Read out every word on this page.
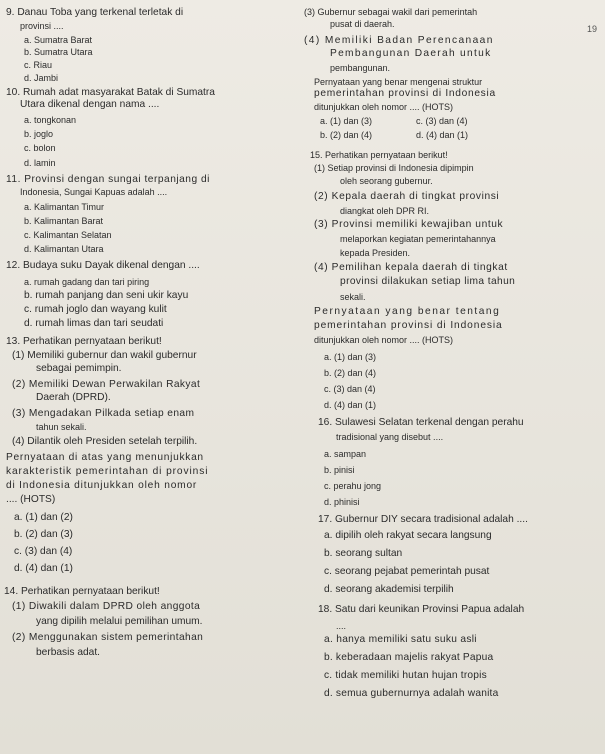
9. Danau Toba yang terkenal terletak di
provinsi ....
a. Sumatra Barat
b. Sumatra Utara
c. Riau
d. Jambi
10. Rumah adat masyarakat Batak di Sumatra
Utara dikenal dengan nama ....
a. tongkonan
b. joglo
c. bolon
d. lamin
11. Provinsi dengan sungai terpanjang di
Indonesia, Sungai Kapuas adalah ....
a. Kalimantan Timur
b. Kalimantan Barat
c. Kalimantan Selatan
d. Kalimantan Utara
12. Budaya suku Dayak dikenal dengan ....
a. rumah gadang dan tari piring
b. rumah panjang dan seni ukir kayu
c. rumah joglo dan wayang kulit
d. rumah limas dan tari seudati
13. Perhatikan pernyataan berikut!
(1) Memiliki gubernur dan wakil gubernur
sebagai pemimpin.
(2) Memiliki Dewan Perwakilan Rakyat
Daerah (DPRD).
(3) Mengadakan Pilkada setiap enam
tahun sekali.
(4) Dilantik oleh Presiden setelah terpilih.
Pernyataan di atas yang menunjukkan
karakteristik pemerintahan di provinsi
di Indonesia ditunjukkan oleh nomor
.... (HOTS)
a. (1) dan (2)
b. (2) dan (3)
c. (3) dan (4)
d. (4) dan (1)
14. Perhatikan pernyataan berikut!
(1) Diwakili dalam DPRD oleh anggota
yang dipilih melalui pemilihan umum.
(2) Menggunakan sistem pemerintahan
berbasis adat.
(3) Gubernur sebagai wakil dari pemerintah
pusat di daerah.
(4) Memiliki Badan Perencanaan
Pembangunan Daerah untuk
pembangunan.
Pernyataan yang benar mengenai struktur
pemerintahan provinsi di Indonesia
ditunjukkan oleh nomor .... (HOTS)
a. (1) dan (3)	c. (3) dan (4)
b. (2) dan (4)	d. (4) dan (1)
15. Perhatikan pernyataan berikut!
(1) Setiap provinsi di Indonesia dipimpin
oleh seorang gubernur.
(2) Kepala daerah di tingkat provinsi
diangkat oleh DPR RI.
(3) Provinsi memiliki kewajiban untuk
melaporkan kegiatan pemerintahannya
kepada Presiden.
(4) Pemilihan kepala daerah di tingkat
provinsi dilakukan setiap lima tahun
sekali.
Pernyataan yang benar tentang
pemerintahan provinsi di Indonesia
ditunjukkan oleh nomor .... (HOTS)
a. (1) dan (3)
b. (2) dan (4)
c. (3) dan (4)
d. (4) dan (1)
16. Sulawesi Selatan terkenal dengan perahu
tradisional yang disebut ....
a. sampan
b. pinisi
c. perahu jong
d. phinisi
17. Gubernur DIY secara tradisional adalah ....
a. dipilih oleh rakyat secara langsung
b. seorang sultan
c. seorang pejabat pemerintah pusat
d. seorang akademisi terpilih
18. Satu dari keunikan Provinsi Papua adalah
....
a. hanya memiliki satu suku asli
b. keberadaan majelis rakyat Papua
c. tidak memiliki hutan hujan tropis
d. semua gubernurnya adalah wanita
19
